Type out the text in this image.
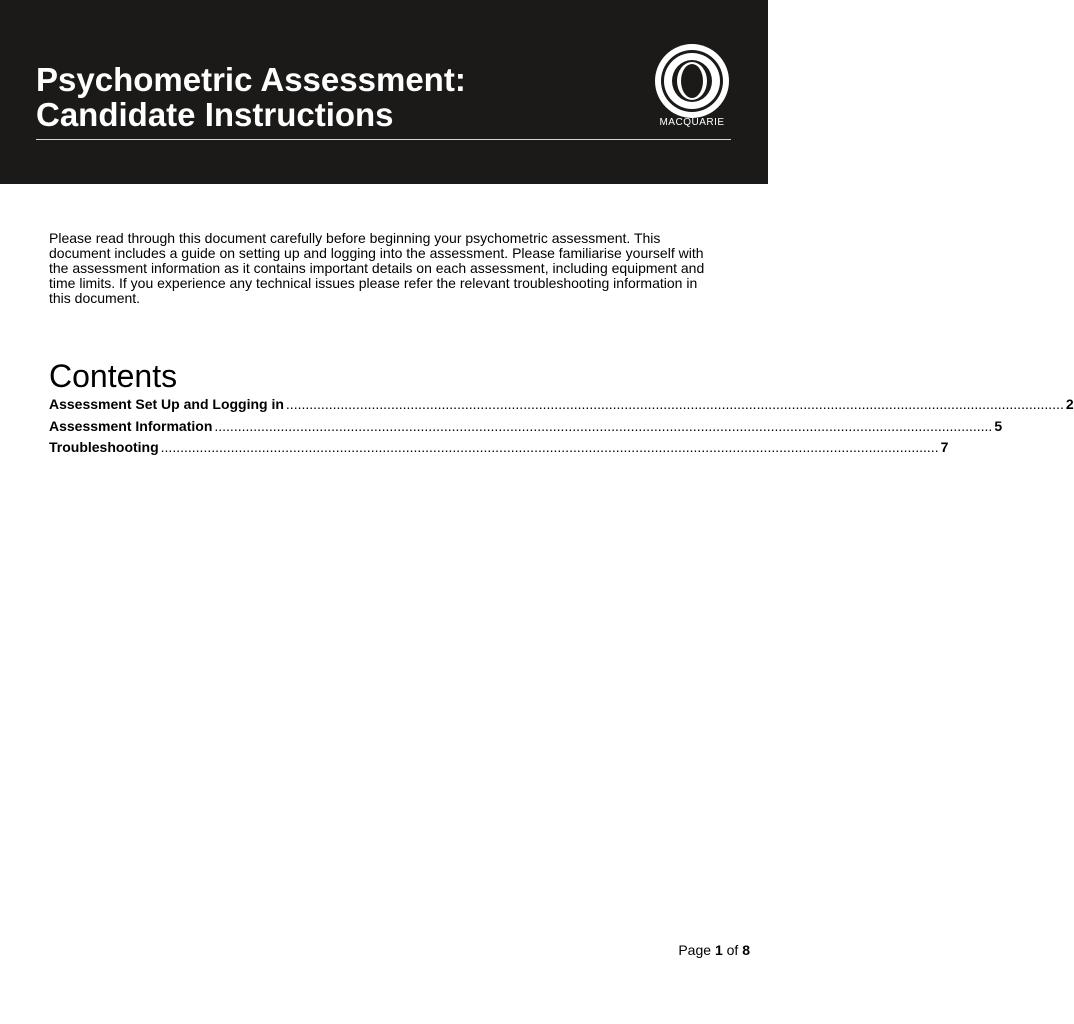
Psychometric Assessment:
Candidate Instructions	MACQUARIE

Please read through this document carefully before beginning your psychometric assessment. This document includes a guide on setting up and logging into the assessment. Please familiarise yourself with the assessment information as it contains important details on each assessment, including equipment and time limits. If you experience any technical issues please refer the relevant troubleshooting information in this document.

Contents
Assessment Set Up and Logging in ........................................................................................................................................................................................................ 2
Assessment Information ........................................................................................................................................................................................................ 5
Troubleshooting ........................................................................................................................................................................................................ 7
Page 1 of 8
